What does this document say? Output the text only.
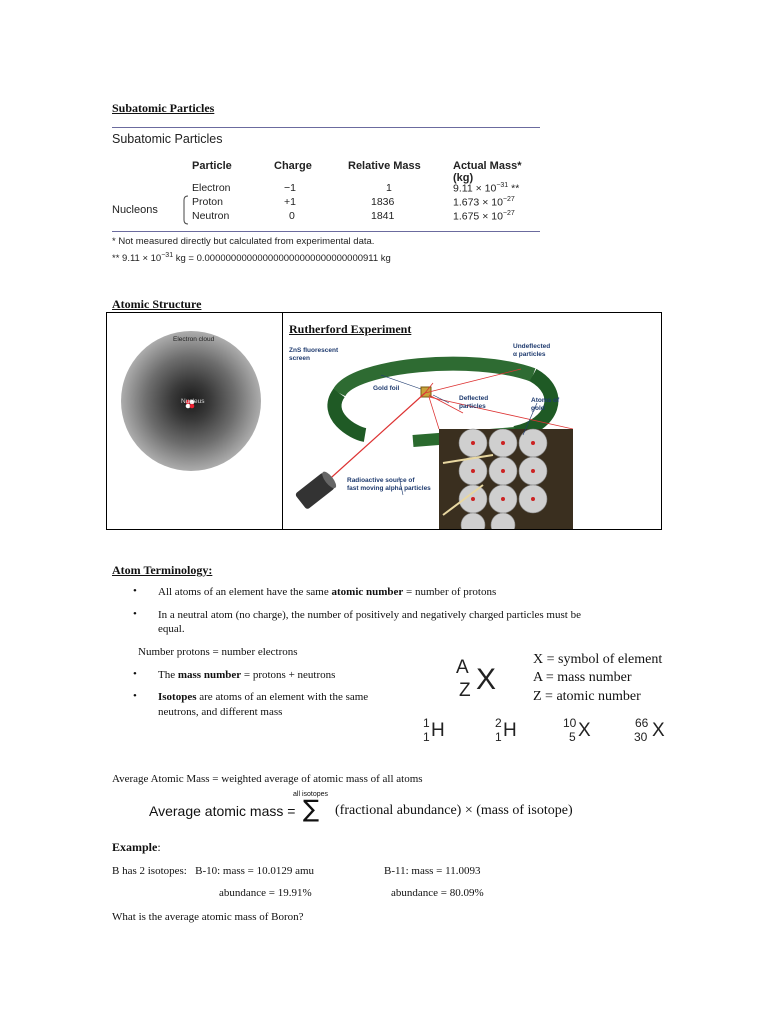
Subatomic Particles
Subatomic Particles
Particle	Charge	Relative Mass	Actual Mass* (kg)
Nucleons
Electron	−1	1	$9.11 \times 10^{-31}$ **
Proton	+1	1836	$1.673 \times 10^{-27}$
Neutron	0	1841	$1.675 \times 10^{-27}$
* Not measured directly but calculated from experimental data.
** $9.11 \times 10^{-31}$ kg = 0.000000000000000000000000000000911 kg
Atomic Structure
Electron cloud
Nucleus
Rutherford Experiment
ZnS fluorescent
screen
Undeflected
α particles
Gold foil
Deflected
particles
Atoms of
gold
Radioactive source of
fast moving alpha particles
Atom Terminology:
• All atoms of an element have the same atomic number = number of protons
• In a neutral atom (no charge), the number of positively and negatively charged particles must be
equal.
Number protons = number electrons
• The mass number = protons + neutrons
• Isotopes are atoms of an element with the same
neutrons, and different mass
A
Z X
X = symbol of element
A = mass number
Z = atomic number
1
1 H	2
1 H	10
5 X	66
30 X
Average Atomic Mass = weighted average of atomic mass of all atoms
Average atomic mass =
all isotopes
∑ (fractional abundance) × (mass of isotope)
Example:
B has 2 isotopes:   B-10: mass = 10.0129 amu	B-11: mass = 11.0093
abundance = 19.91%	abundance = 80.09%
What is the average atomic mass of Boron?
